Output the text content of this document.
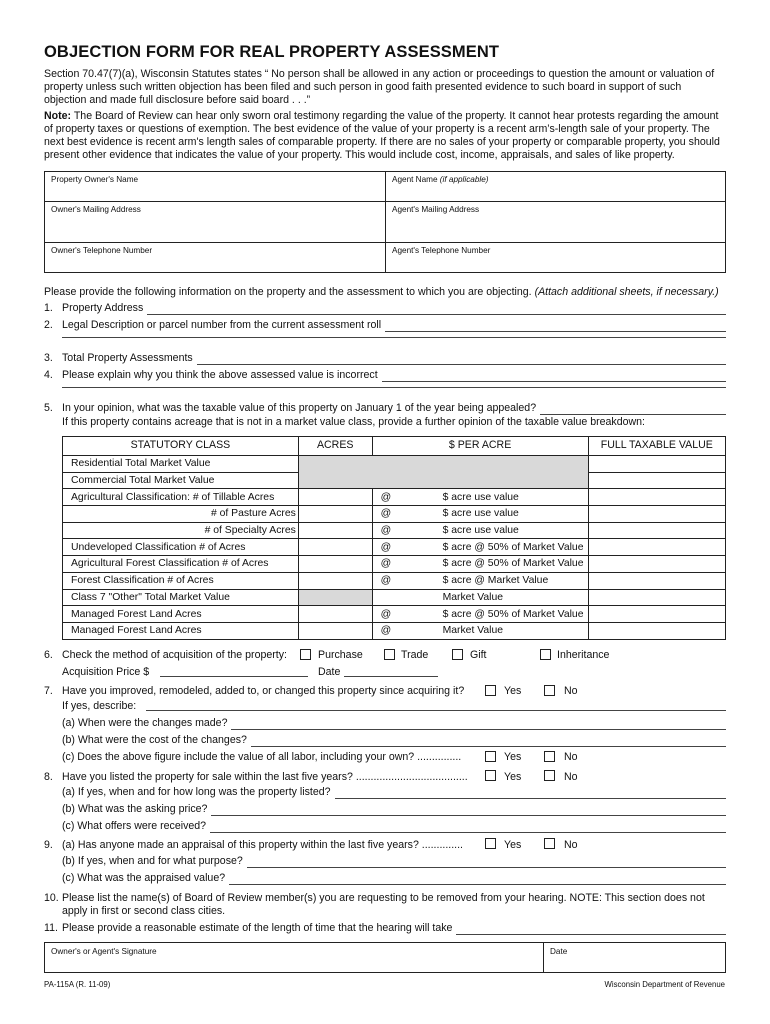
OBJECTION FORM FOR REAL PROPERTY ASSESSMENT
Section 70.47(7)(a), Wisconsin Statutes states “ No person shall be allowed in any action or proceedings to question the amount or valuation of property unless such written objection has been filed and such person in good faith presented evidence to such board in support of such objection and made full disclosure before said board . . .”
Note: The Board of Review can hear only sworn oral testimony regarding the value of the property. It cannot hear protests regarding the amount of property taxes or questions of exemption. The best evidence of the value of your property is a recent arm’s-length sale of your property. The next best evidence is recent arm's length sales of comparable property. If there are no sales of your property or comparable property, you should present other evidence that indicates the value of your property. This would include cost, income, appraisals, and sales of like property.
Property Owner's Name	Agent Name (if applicable)
Owner's Mailing Address	Agent's Mailing Address
Owner's Telephone Number	Agent's Telephone Number
Please provide the following information on the property and the assessment to which you are objecting. (Attach additional sheets, if necessary.)
1. Property Address
2. Legal Description or parcel number from the current assessment roll
3. Total Property Assessments
4. Please explain why you think the above assessed value is incorrect
5. In your opinion, what was the taxable value of this property on January 1 of the year being appealed?
If this property contains acreage that is not in a market value class, provide a further opinion of the taxable value breakdown:
STATUTORY CLASS	ACRES	$ PER ACRE	FULL TAXABLE VALUE
Residential Total Market Value			
Commercial Total Market Value			
Agricultural Classification: # of Tillable Acres		@ $ acre use value	

# of Pasture Acres		@ $ acre use value	

# of Specialty Acres		@ $ acre use value	

Undeveloped Classification # of Acres		@ $ acre @ 50% of Market Value	

Agricultural Forest Classification # of Acres		@ $ acre @ 50% of Market Value	

Forest Classification # of Acres		@ $ acre @ Market Value	

Class 7 "Other" Total Market Value		Market Value	

Managed Forest Land Acres		@ $ acre @ 50% of Market Value	

Managed Forest Land Acres		@ Market Value	

6. Check the method of acquisition of the property:	Purchase	Trade	Gift	Inheritance
Acquisition Price $	Date
7. Have you improved, remodeled, added to, or changed this property since acquiring it?	Yes	No
If yes, describe:
(a) When were the changes made?
(b) What were the cost of the changes?
(c) Does the above figure include the value of all labor, including your own? ...............	Yes	No
8. Have you listed the property for sale within the last five years? ......................................	Yes	No
(a) If yes, when and for how long was the property listed?
(b) What was the asking price?
(c) What offers were received?
9. (a) Has anyone made an appraisal of this property within the last five years? ..............	Yes	No
(b) If yes, when and for what purpose?
(c) What was the appraised value?
10. Please list the name(s) of Board of Review member(s) you are requesting to be removed from your hearing. NOTE: This section does not
apply in first or second class cities.
11. Please provide a reasonable estimate of the length of time that the hearing will take
Owner's or Agent's Signature	Date
PA-115A (R. 11-09)	Wisconsin Department of Revenue
